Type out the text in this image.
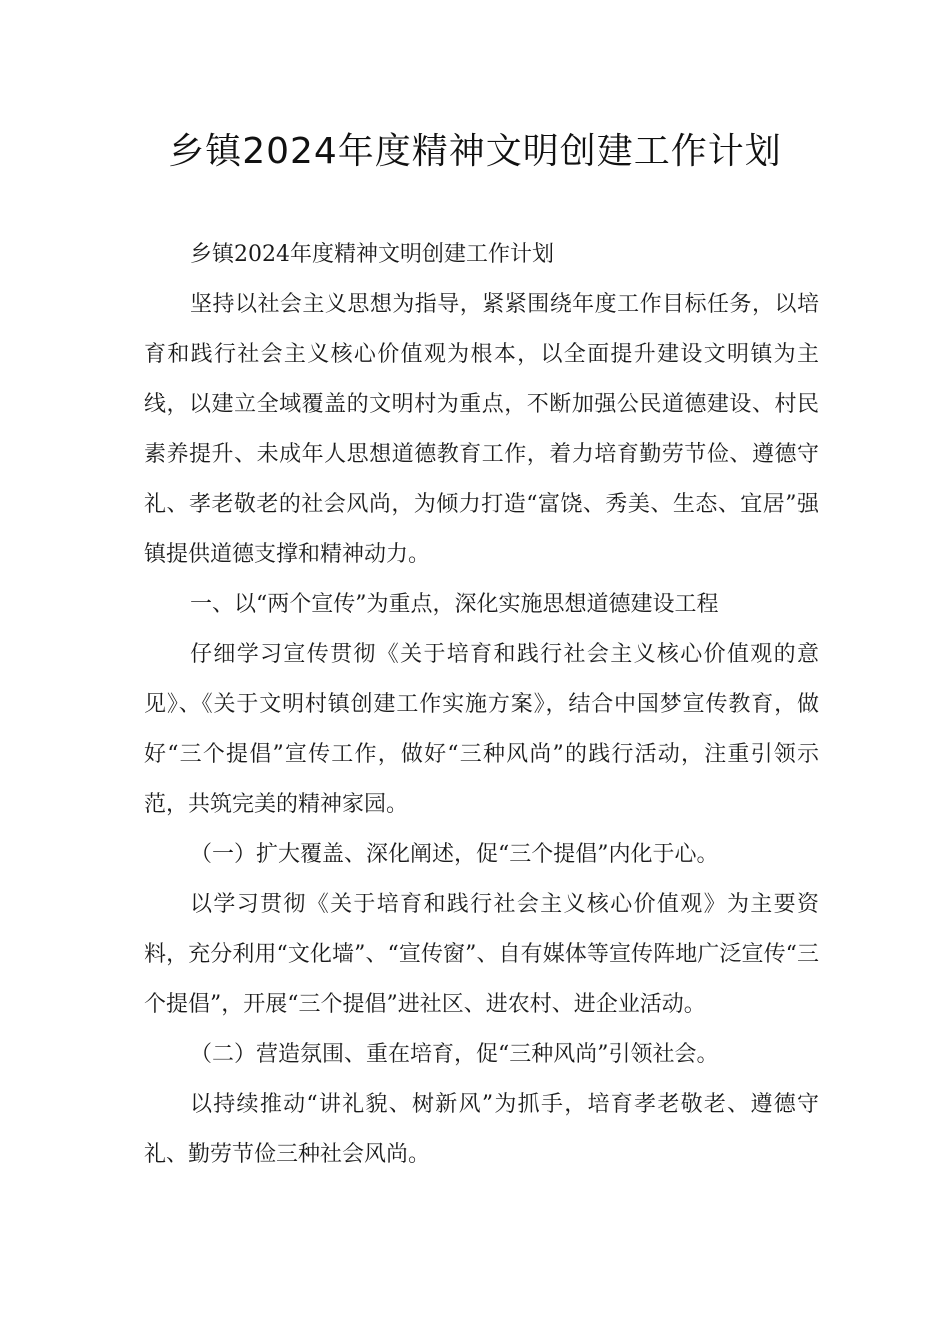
乡镇2024年度精神文明创建工作计划

乡镇2024年度精神文明创建工作计划

坚持以社会主义思想为指导，紧紧围绕年度工作目标任务，以培育和践行社会主义核心价值观为根本，以全面提升建设文明镇为主线，以建立全域覆盖的文明村为重点，不断加强公民道德建设、村民素养提升、未成年人思想道德教育工作，着力培育勤劳节俭、遵德守礼、孝老敬老的社会风尚，为倾力打造“富饶、秀美、生态、宜居”强镇提供道德支撑和精神动力。

一、以“两个宣传”为重点，深化实施思想道德建设工程

仔细学习宣传贯彻《关于培育和践行社会主义核心价值观的意见》、《关于文明村镇创建工作实施方案》，结合中国梦宣传教育，做好“三个提倡”宣传工作，做好“三种风尚”的践行活动，注重引领示范，共筑完美的精神家园。

（一）扩大覆盖、深化阐述，促“三个提倡”内化于心。

以学习贯彻《关于培育和践行社会主义核心价值观》为主要资料，充分利用“文化墙”、“宣传窗”、自有媒体等宣传阵地广泛宣传“三个提倡”，开展“三个提倡”进社区、进农村、进企业活动。

（二）营造氛围、重在培育，促“三种风尚”引领社会。

以持续推动“讲礼貌、树新风”为抓手，培育孝老敬老、遵德守礼、勤劳节俭三种社会风尚。
